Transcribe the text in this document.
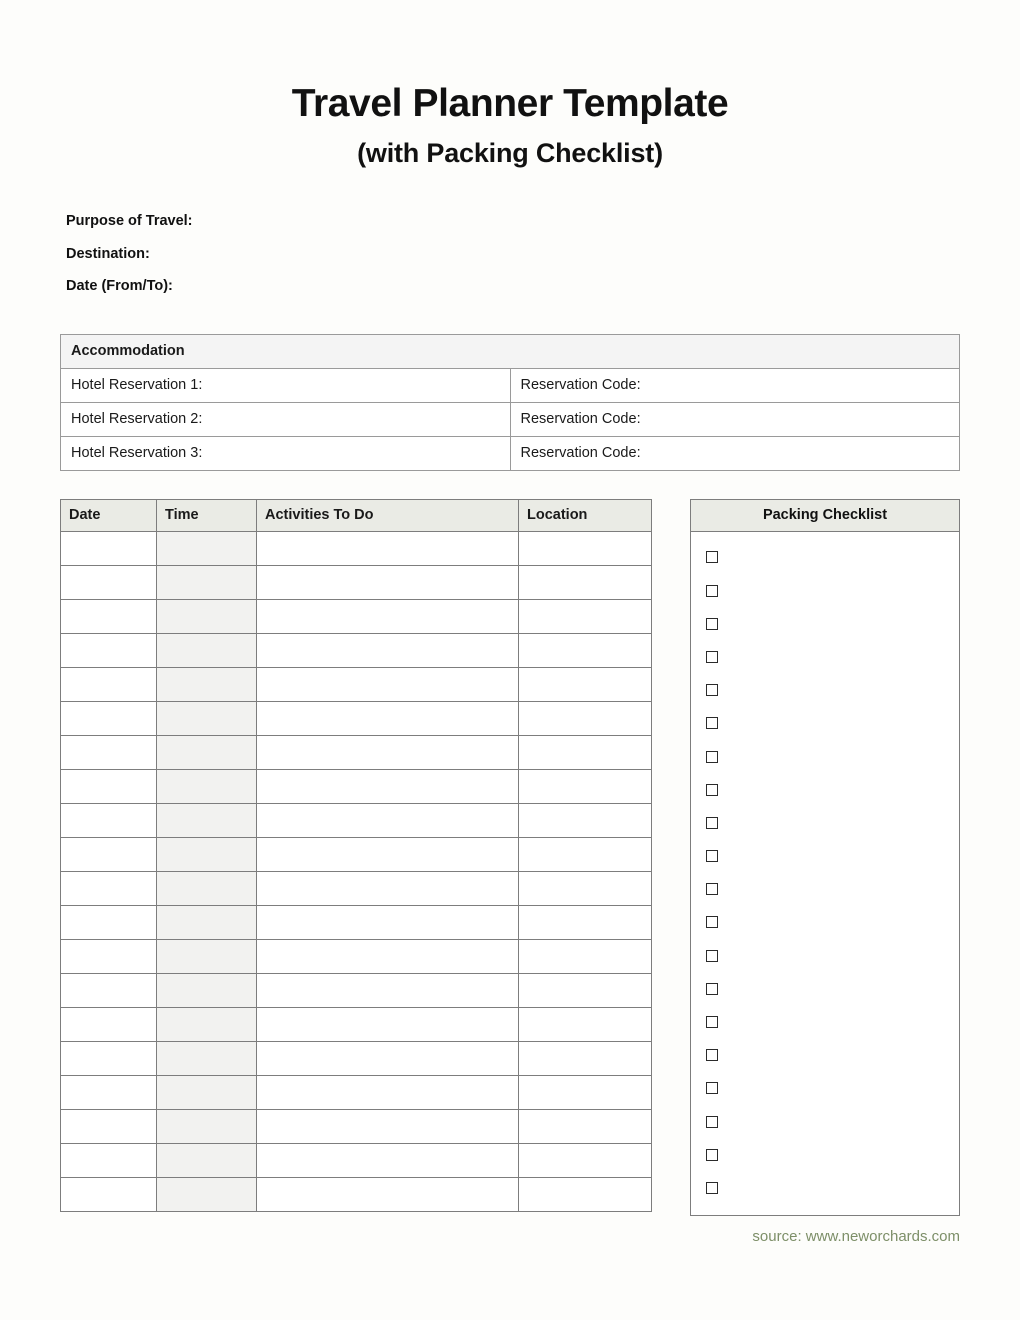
Travel Planner Template
(with Packing Checklist)
Purpose of Travel:
Destination:
Date (From/To):
Accommodation	
Hotel Reservation 1:	Reservation Code:
Hotel Reservation 2:	Reservation Code:
Hotel Reservation 3:	Reservation Code:
Date	Time	Activities To Do	Location

				Packing Checklist
source: www.neworchards.com
